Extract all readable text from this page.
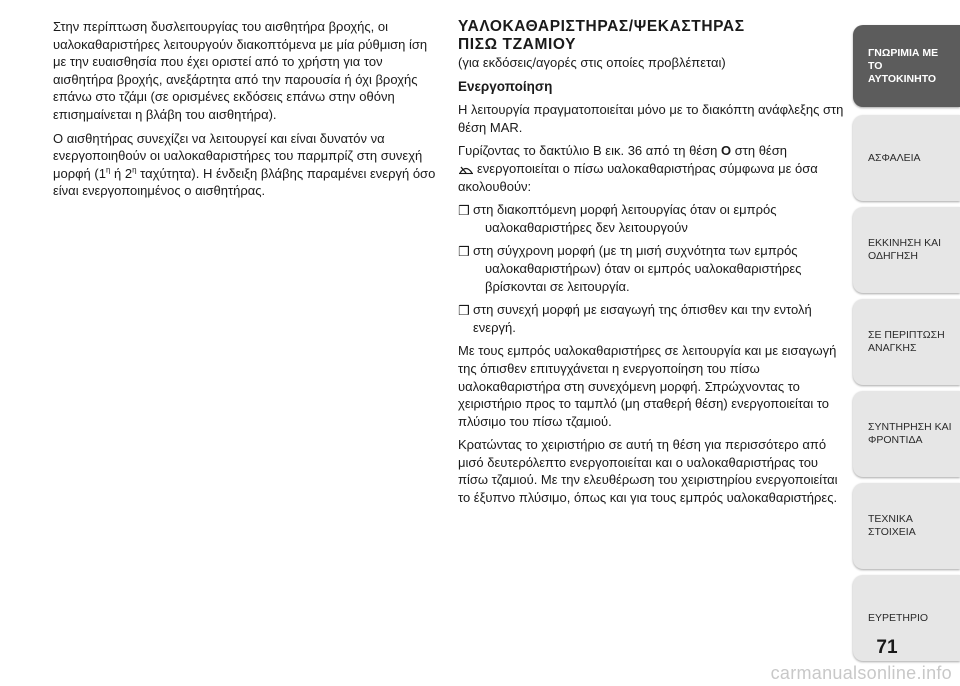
Στην περίπτωση δυσλειτουργίας του αισθητήρα βροχής, οι υαλοκαθαριστήρες λειτουργούν διακοπτόμενα με μία ρύθμιση ίση με την ευαισθησία που έχει οριστεί από το χρήστη για τον αισθητήρα βροχής, ανεξάρτητα από την παρουσία ή όχι βροχής επάνω στο τζάμι (σε ορισμένες εκδόσεις επάνω στην οθόνη επισημαίνεται η βλάβη του αισθητήρα).

Ο αισθητήρας συνεχίζει να λειτουργεί και είναι δυνατόν να ενεργοποιηθούν οι υαλοκαθαριστήρες του παρμπρίζ στη συνεχή μορφή ($1^\eta$ ή $2^\eta$ ταχύτητα). Η ένδειξη βλάβης παραμένει ενεργή όσο είναι ενεργοποιημένος ο αισθητήρας.

ΥΑΛΟΚΑΘΑΡΙΣΤΗΡΑΣ/ΨΕΚΑΣΤΗΡΑΣ
ΠΙΣΩ ΤΖΑΜΙΟΥ

(για εκδόσεις/αγορές στις οποίες προβλέπεται)

Ενεργοποίηση

Η λειτουργία πραγματοποιείται μόνο με το διακόπτη ανάφλεξης στη θέση MAR.

Γυρίζοντας το δακτύλιο B εικ. 36 από τη θέση O στη θέση
ενεργοποιείται ο πίσω υαλοκαθαριστήρας σύμφωνα με όσα ακολουθούν:

❒ στη διακοπτόμενη μορφή λειτουργίας όταν οι εμπρός
υαλοκαθαριστήρες δεν λειτουργούν
❒ στη σύγχρονη μορφή (με τη μισή συχνότητα των εμπρός
υαλοκαθαριστήρων) όταν οι εμπρός υαλοκαθαριστήρες βρίσκονται σε λειτουργία.
❒ στη συνεχή μορφή με εισαγωγή της όπισθεν και την εντολή ενεργή.

Με τους εμπρός υαλοκαθαριστήρες σε λειτουργία και με εισαγωγή της όπισθεν επιτυγχάνεται η ενεργοποίηση του πίσω υαλοκαθαριστήρα στη συνεχόμενη μορφή. Σπρώχνοντας το χειριστήριο προς το ταμπλό (μη σταθερή θέση) ενεργοποιείται το πλύσιμο του πίσω τζαμιού.

Κρατώντας το χειριστήριο σε αυτή τη θέση για περισσότερο από μισό δευτερόλεπτο ενεργοποιείται και ο υαλοκαθαριστήρας του πίσω τζαμιού. Με την ελευθέρωση του χειριστηρίου ενεργοποιείται το έξυπνο πλύσιμο, όπως και για τους εμπρός υαλοκαθαριστήρες.

ΓΝΩΡΙΜΙΑ ΜΕ ΤΟ
ΑΥΤΟΚΙΝΗΤΟ
ΑΣΦΑΛΕΙΑ
ΕΚΚΙΝΗΣΗ ΚΑΙ
ΟΔΗΓΗΣΗ
ΣΕ ΠΕΡΙΠΤΩΣΗ
ΑΝΑΓΚΗΣ
ΣΥΝΤΗΡΗΣΗ ΚΑΙ
ΦΡΟΝΤΙΔΑ
ΤΕΧΝΙΚΑ ΣΤΟΙΧΕΙΑ
ΕΥΡΕΤΗΡΙΟ
71
carmanualsonline.info
